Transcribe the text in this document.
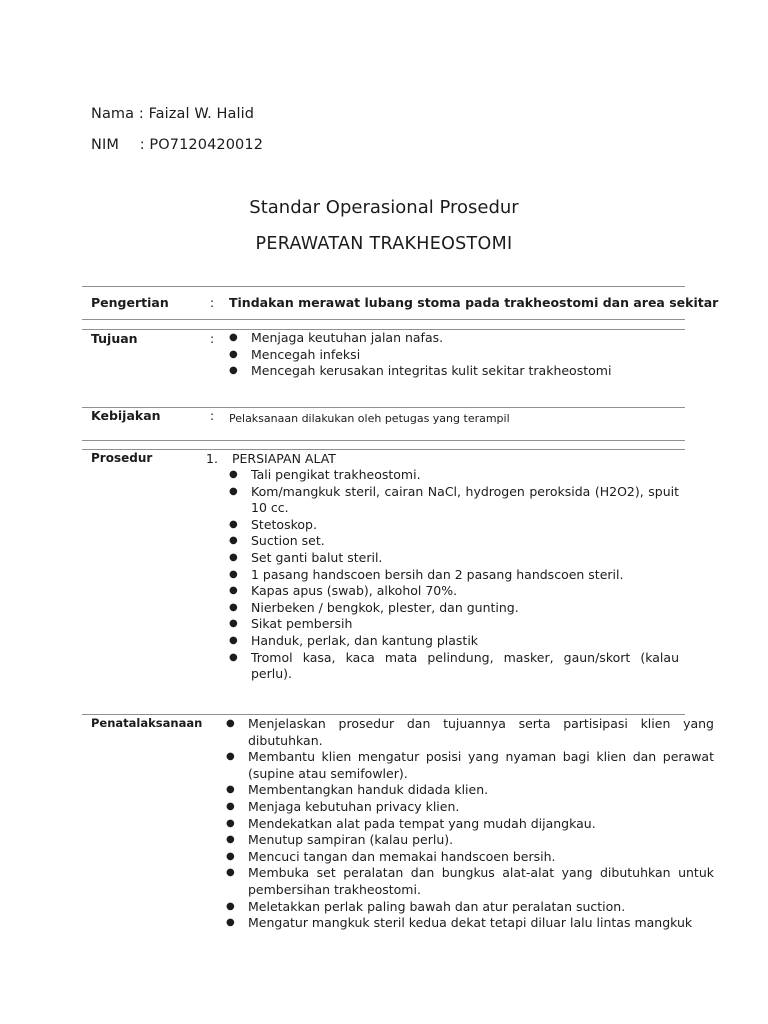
Nama : Faizal W. Halid
NIM : PO7120420012
Standar Operasional Prosedur
PERAWATAN TRAKHEOSTOMI
Pengertian	: Tindakan merawat lubang stoma pada trakheostomi dan area sekitar
Tujuan	: ● Menjaga keutuhan jalan nafas.
● Mencegah infeksi
● Mencegah kerusakan integritas kulit sekitar trakheostomi
Kebijakan	: Pelaksanaan dilakukan oleh petugas yang terampil
Prosedur	1. PERSIAPAN ALAT
● Tali pengikat trakheostomi.
● Kom/mangkuk steril, cairan NaCl, hydrogen peroksida (H2O2), spuit 10 cc.
● Stetoskop.
● Suction set.
● Set ganti balut steril.
● 1 pasang handscoen bersih dan 2 pasang handscoen steril.
● Kapas apus (swab), alkohol 70%.
● Nierbeken / bengkok, plester, dan gunting.
● Sikat pembersih
● Handuk, perlak, dan kantung plastik
● Tromol kasa, kaca mata pelindung, masker, gaun/skort (kalau perlu).
Penatalaksanaan ● Menjelaskan prosedur dan tujuannya serta partisipasi klien yang dibutuhkan.
● Membantu klien mengatur posisi yang nyaman bagi klien dan perawat (supine atau semifowler).
● Membentangkan handuk didada klien.
● Menjaga kebutuhan privacy klien.
● Mendekatkan alat pada tempat yang mudah dijangkau.
● Menutup sampiran (kalau perlu).
● Mencuci tangan dan memakai handscoen bersih.
● Membuka set peralatan dan bungkus alat-alat yang dibutuhkan untuk pembersihan trakheostomi.
● Meletakkan perlak paling bawah dan atur peralatan suction.
● Mengatur mangkuk steril kedua dekat tetapi diluar lalu lintas mangkuk
